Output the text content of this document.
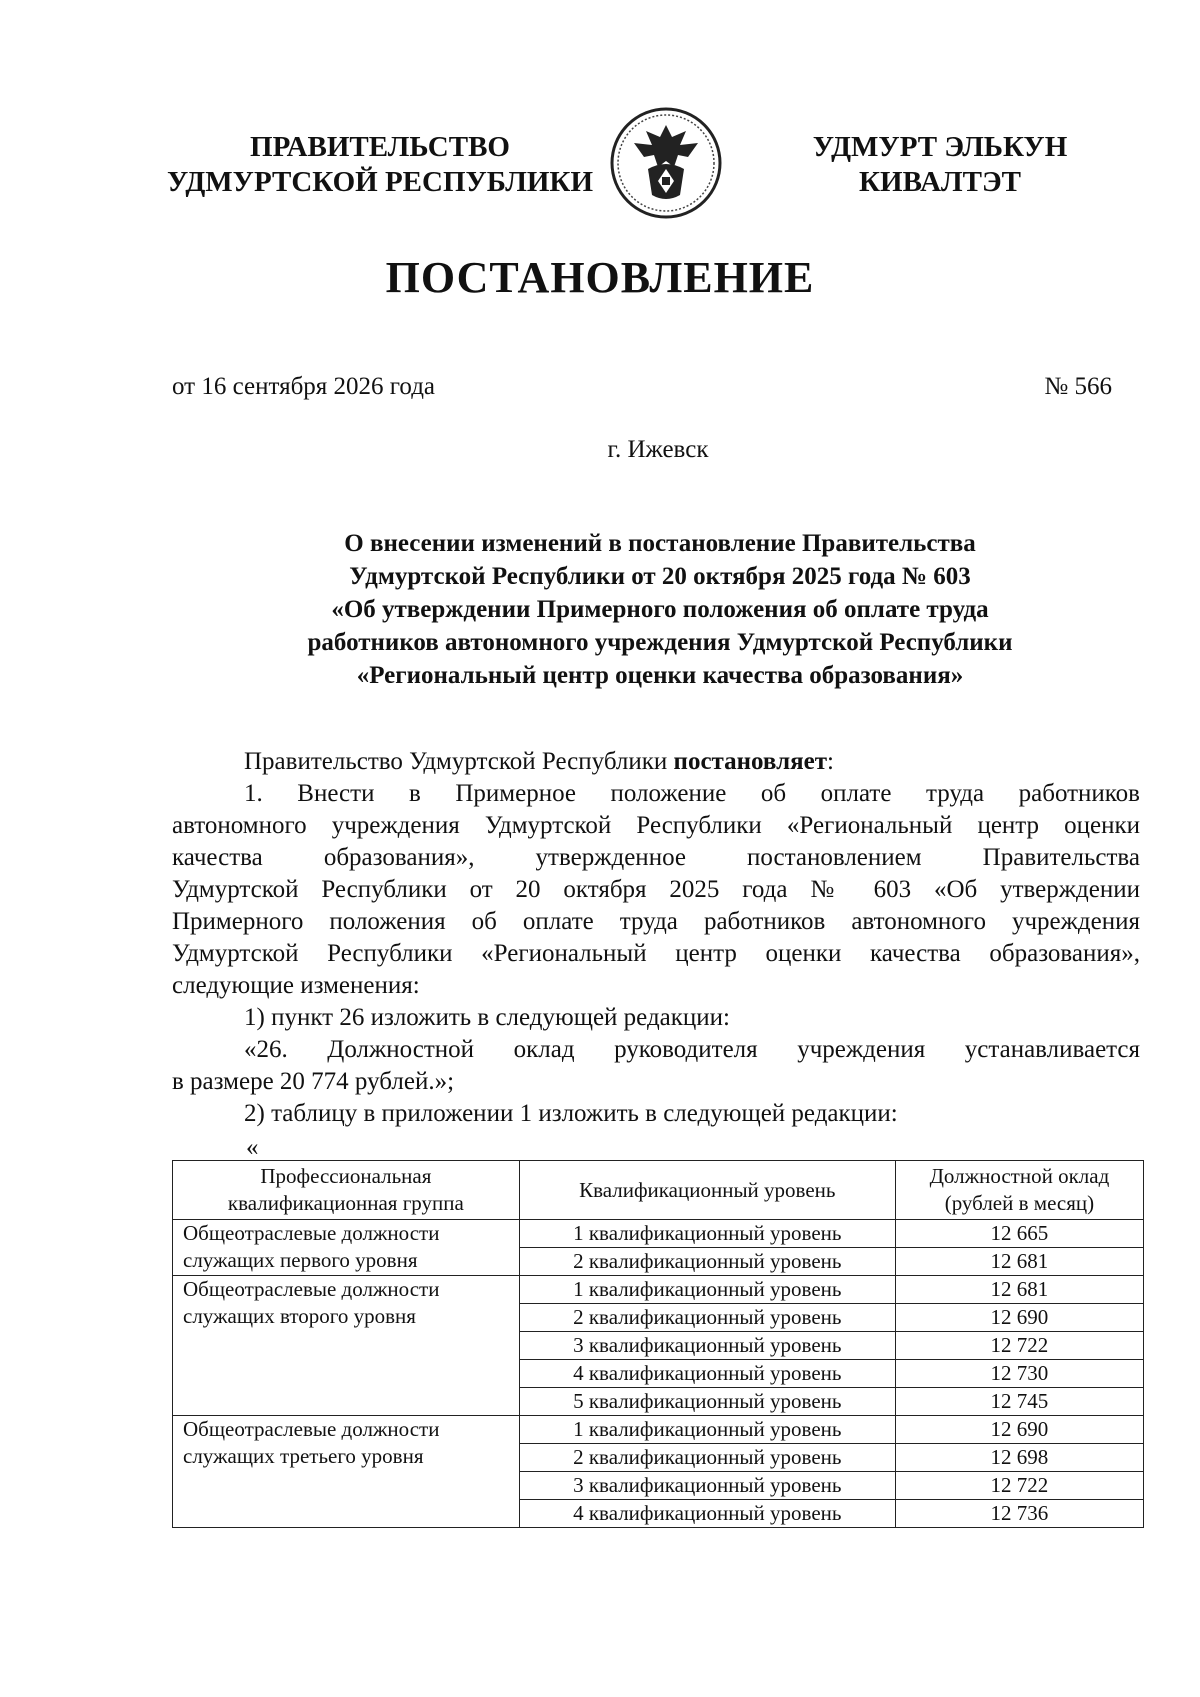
ПРАВИТЕЛЬСТВО
УДМУРТСКОЙ РЕСПУБЛИКИ
УДМУРТ ЭЛЬКУН
КИВАЛТЭТ
ПОСТАНОВЛЕНИЕ
от 16 сентября 2026 года	№ 566
г. Ижевск
О внесении изменений в постановление Правительства
Удмуртской Республики от 20 октября 2025 года № 603
«Об утверждении Примерного положения об оплате труда
работников автономного учреждения Удмуртской Республики
«Региональный центр оценки качества образования»

Правительство Удмуртской Республики постановляет:

1. Внести в Примерное положение об оплате труда работников

автономного учреждения Удмуртской Республики «Региональный центр оценки

качества образования», утвержденное постановлением Правительства

Удмуртской Республики от 20 октября 2025 года № 603 «Об утверждении

Примерного положения об оплате труда работников автономного учреждения

Удмуртской Республики «Региональный центр оценки качества образования»,

следующие изменения:

1) пункт 26 изложить в следующей редакции:

«26. Должностной оклад руководителя учреждения устанавливается

в размере 20 774 рублей.»;

2) таблицу в приложении 1 изложить в следующей редакции:

«
Профессиональная квалификационная группа	Квалификационный уровень	Должностной оклад (рублей в месяц)
Общеотраслевые должности служащих первого уровня	1 квалификационный уровень	12 665
	2 квалификационный уровень	12 681
Общеотраслевые должности служащих второго уровня	1 квалификационный уровень	12 681
	2 квалификационный уровень	12 690
	3 квалификационный уровень	12 722
	4 квалификационный уровень	12 730
	5 квалификационный уровень	12 745
Общеотраслевые должности служащих третьего уровня	1 квалификационный уровень	12 690
	2 квалификационный уровень	12 698
	3 квалификационный уровень	12 722
	4 квалификационный уровень	12 736
